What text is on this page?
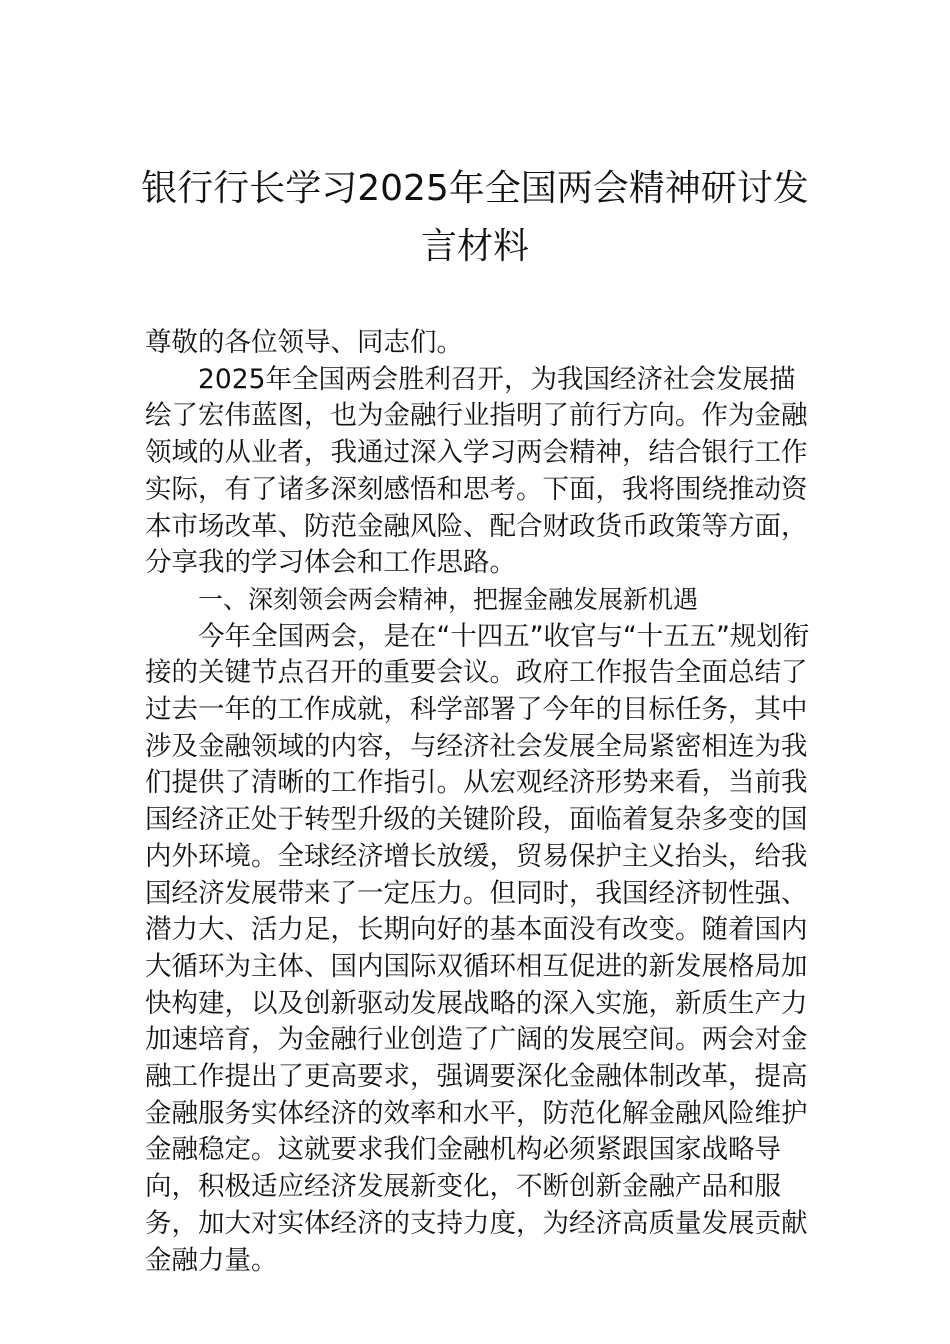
银行行长学习2025年全国两会精神研讨发
言材料

尊敬的各位领导、同志们。

2025年全国两会胜利召开，为我国经济社会发展描绘了宏伟蓝图，也为金融行业指明了前行方向。作为金融领域的从业者，我通过深入学习两会精神，结合银行工作实际，有了诸多深刻感悟和思考。下面，我将围绕推动资本市场改革、防范金融风险、配合财政货币政策等方面，分享我的学习体会和工作思路。

一、深刻领会两会精神，把握金融发展新机遇

今年全国两会，是在“十四五”收官与“十五五”规划衔接的关键节点召开的重要会议。政府工作报告全面总结了过去一年的工作成就，科学部署了今年的目标任务，其中涉及金融领域的内容，与经济社会发展全局紧密相连为我们提供了清晰的工作指引。从宏观经济形势来看，当前我国经济正处于转型升级的关键阶段，面临着复杂多变的国内外环境。全球经济增长放缓，贸易保护主义抬头，给我国经济发展带来了一定压力。但同时，我国经济韧性强、潜力大、活力足，长期向好的基本面没有改变。随着国内大循环为主体、国内国际双循环相互促进的新发展格局加快构建，以及创新驱动发展战略的深入实施，新质生产力加速培育，为金融行业创造了广阔的发展空间。两会对金融工作提出了更高要求，强调要深化金融体制改革，提高金融服务实体经济的效率和水平，防范化解金融风险维护金融稳定。这就要求我们金融机构必须紧跟国家战略导向，积极适应经济发展新变化，不断创新金融产品和服务，加大对实体经济的支持力度，为经济高质量发展贡献金融力量。
